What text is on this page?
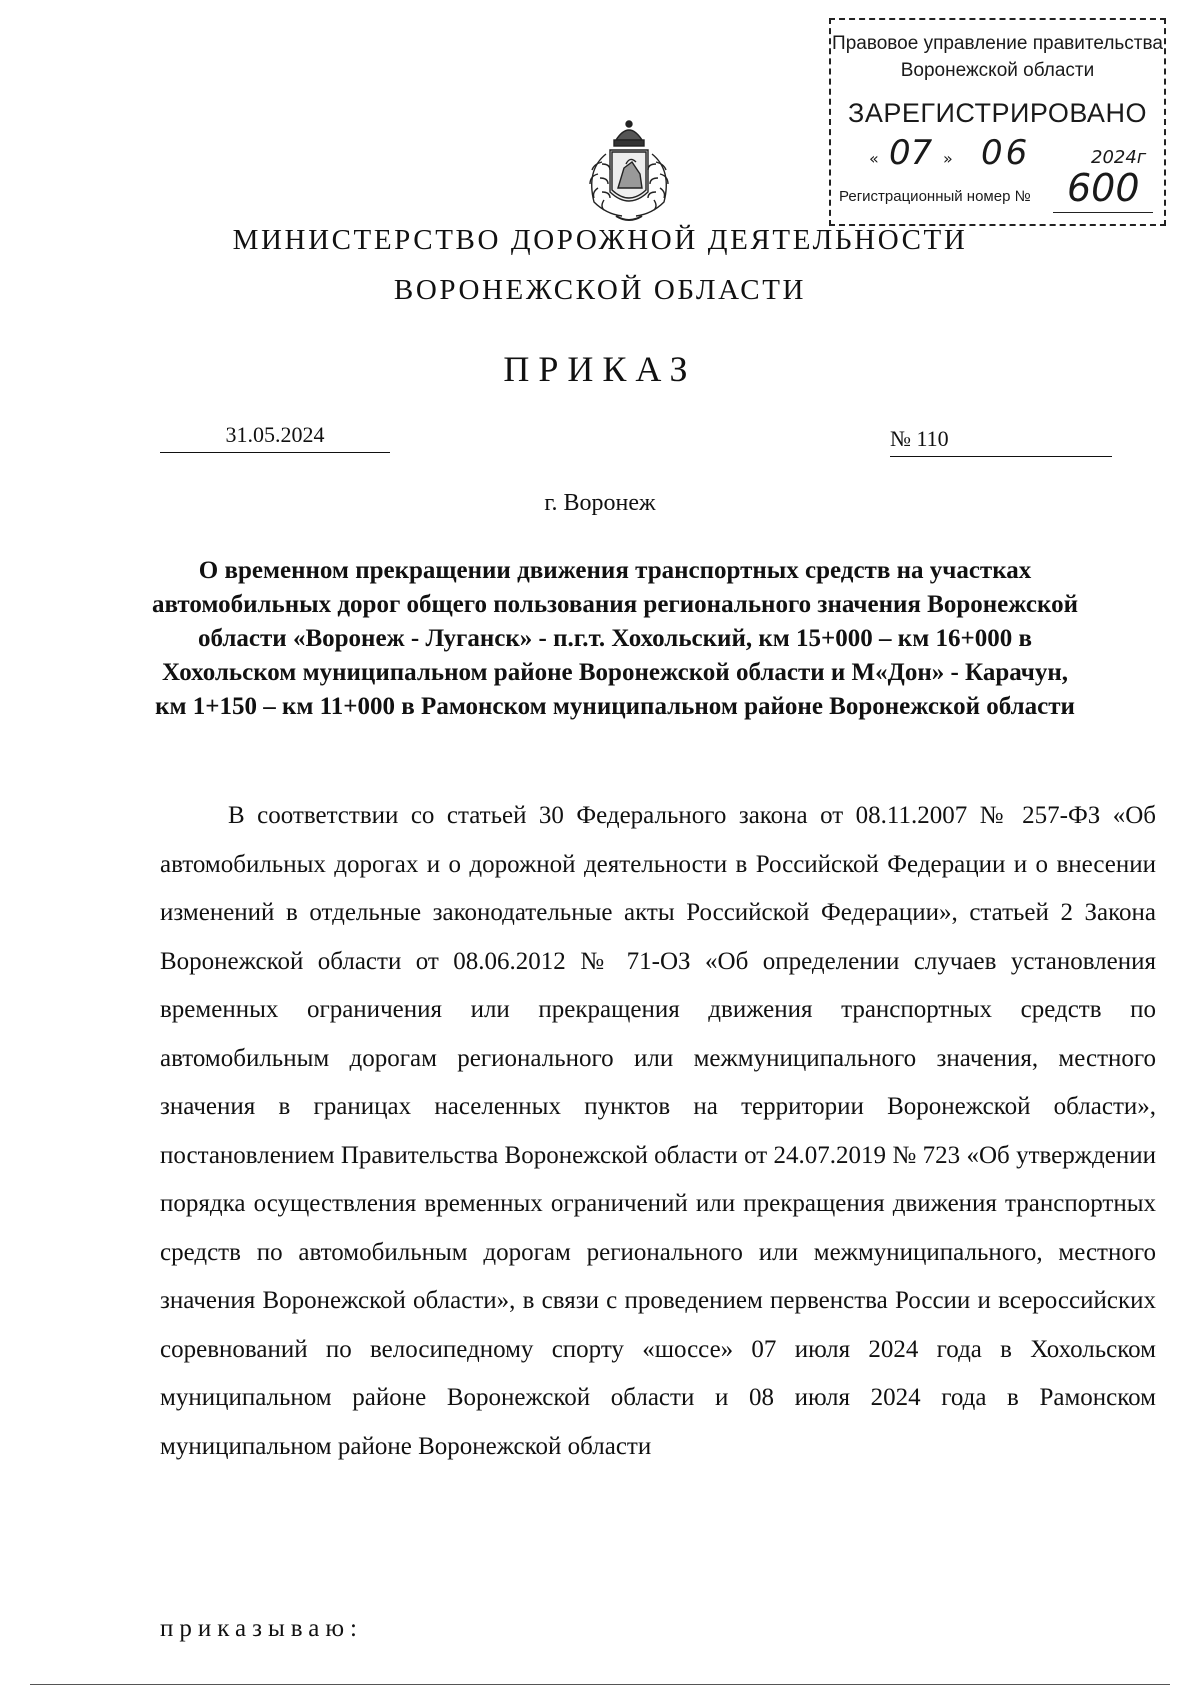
Правовое управление правительства
Воронежской области
ЗАРЕГИСТРИРОВАНО
« 07 » 06	2024г
Регистрационный номер № 600
МИНИСТЕРСТВО ДОРОЖНОЙ ДЕЯТЕЛЬНОСТИ
ВОРОНЕЖСКОЙ ОБЛАСТИ
ПРИКАЗ
31.05.2024	№ 110
г. Воронеж
О временном прекращении движения транспортных средств на участках автомобильных дорог общего пользования регионального значения Воронежской области «Воронеж - Луганск» - п.г.т. Хохольский, км 15+000 – км 16+000 в Хохольском муниципальном районе Воронежской области и М«Дон» - Карачун, км 1+150 – км 11+000 в Рамонском муниципальном районе Воронежской области

В соответствии со статьей 30 Федерального закона от 08.11.2007 № 257-ФЗ «Об автомобильных дорогах и о дорожной деятельности в Российской Федерации и о внесении изменений в отдельные законодательные акты Российской Федерации», статьей 2 Закона Воронежской области от 08.06.2012 № 71-ОЗ «Об определении случаев установления временных ограничения или прекращения движения транспортных средств по автомобильным дорогам регионального или межмуниципального значения, местного значения в границах населенных пунктов на территории Воронежской области», постановлением Правительства Воронежской области от 24.07.2019 № 723 «Об утверждении порядка осуществления временных ограничений или прекращения движения транспортных средств по автомобильным дорогам регионального или межмуниципального, местного значения Воронежской области», в связи с проведением первенства России и всероссийских соревнований по велосипедному спорту «шоссе» 07 июля 2024 года в Хохольском муниципальном районе Воронежской области и 08 июля 2024 года в Рамонском муниципальном районе Воронежской области

приказываю:
